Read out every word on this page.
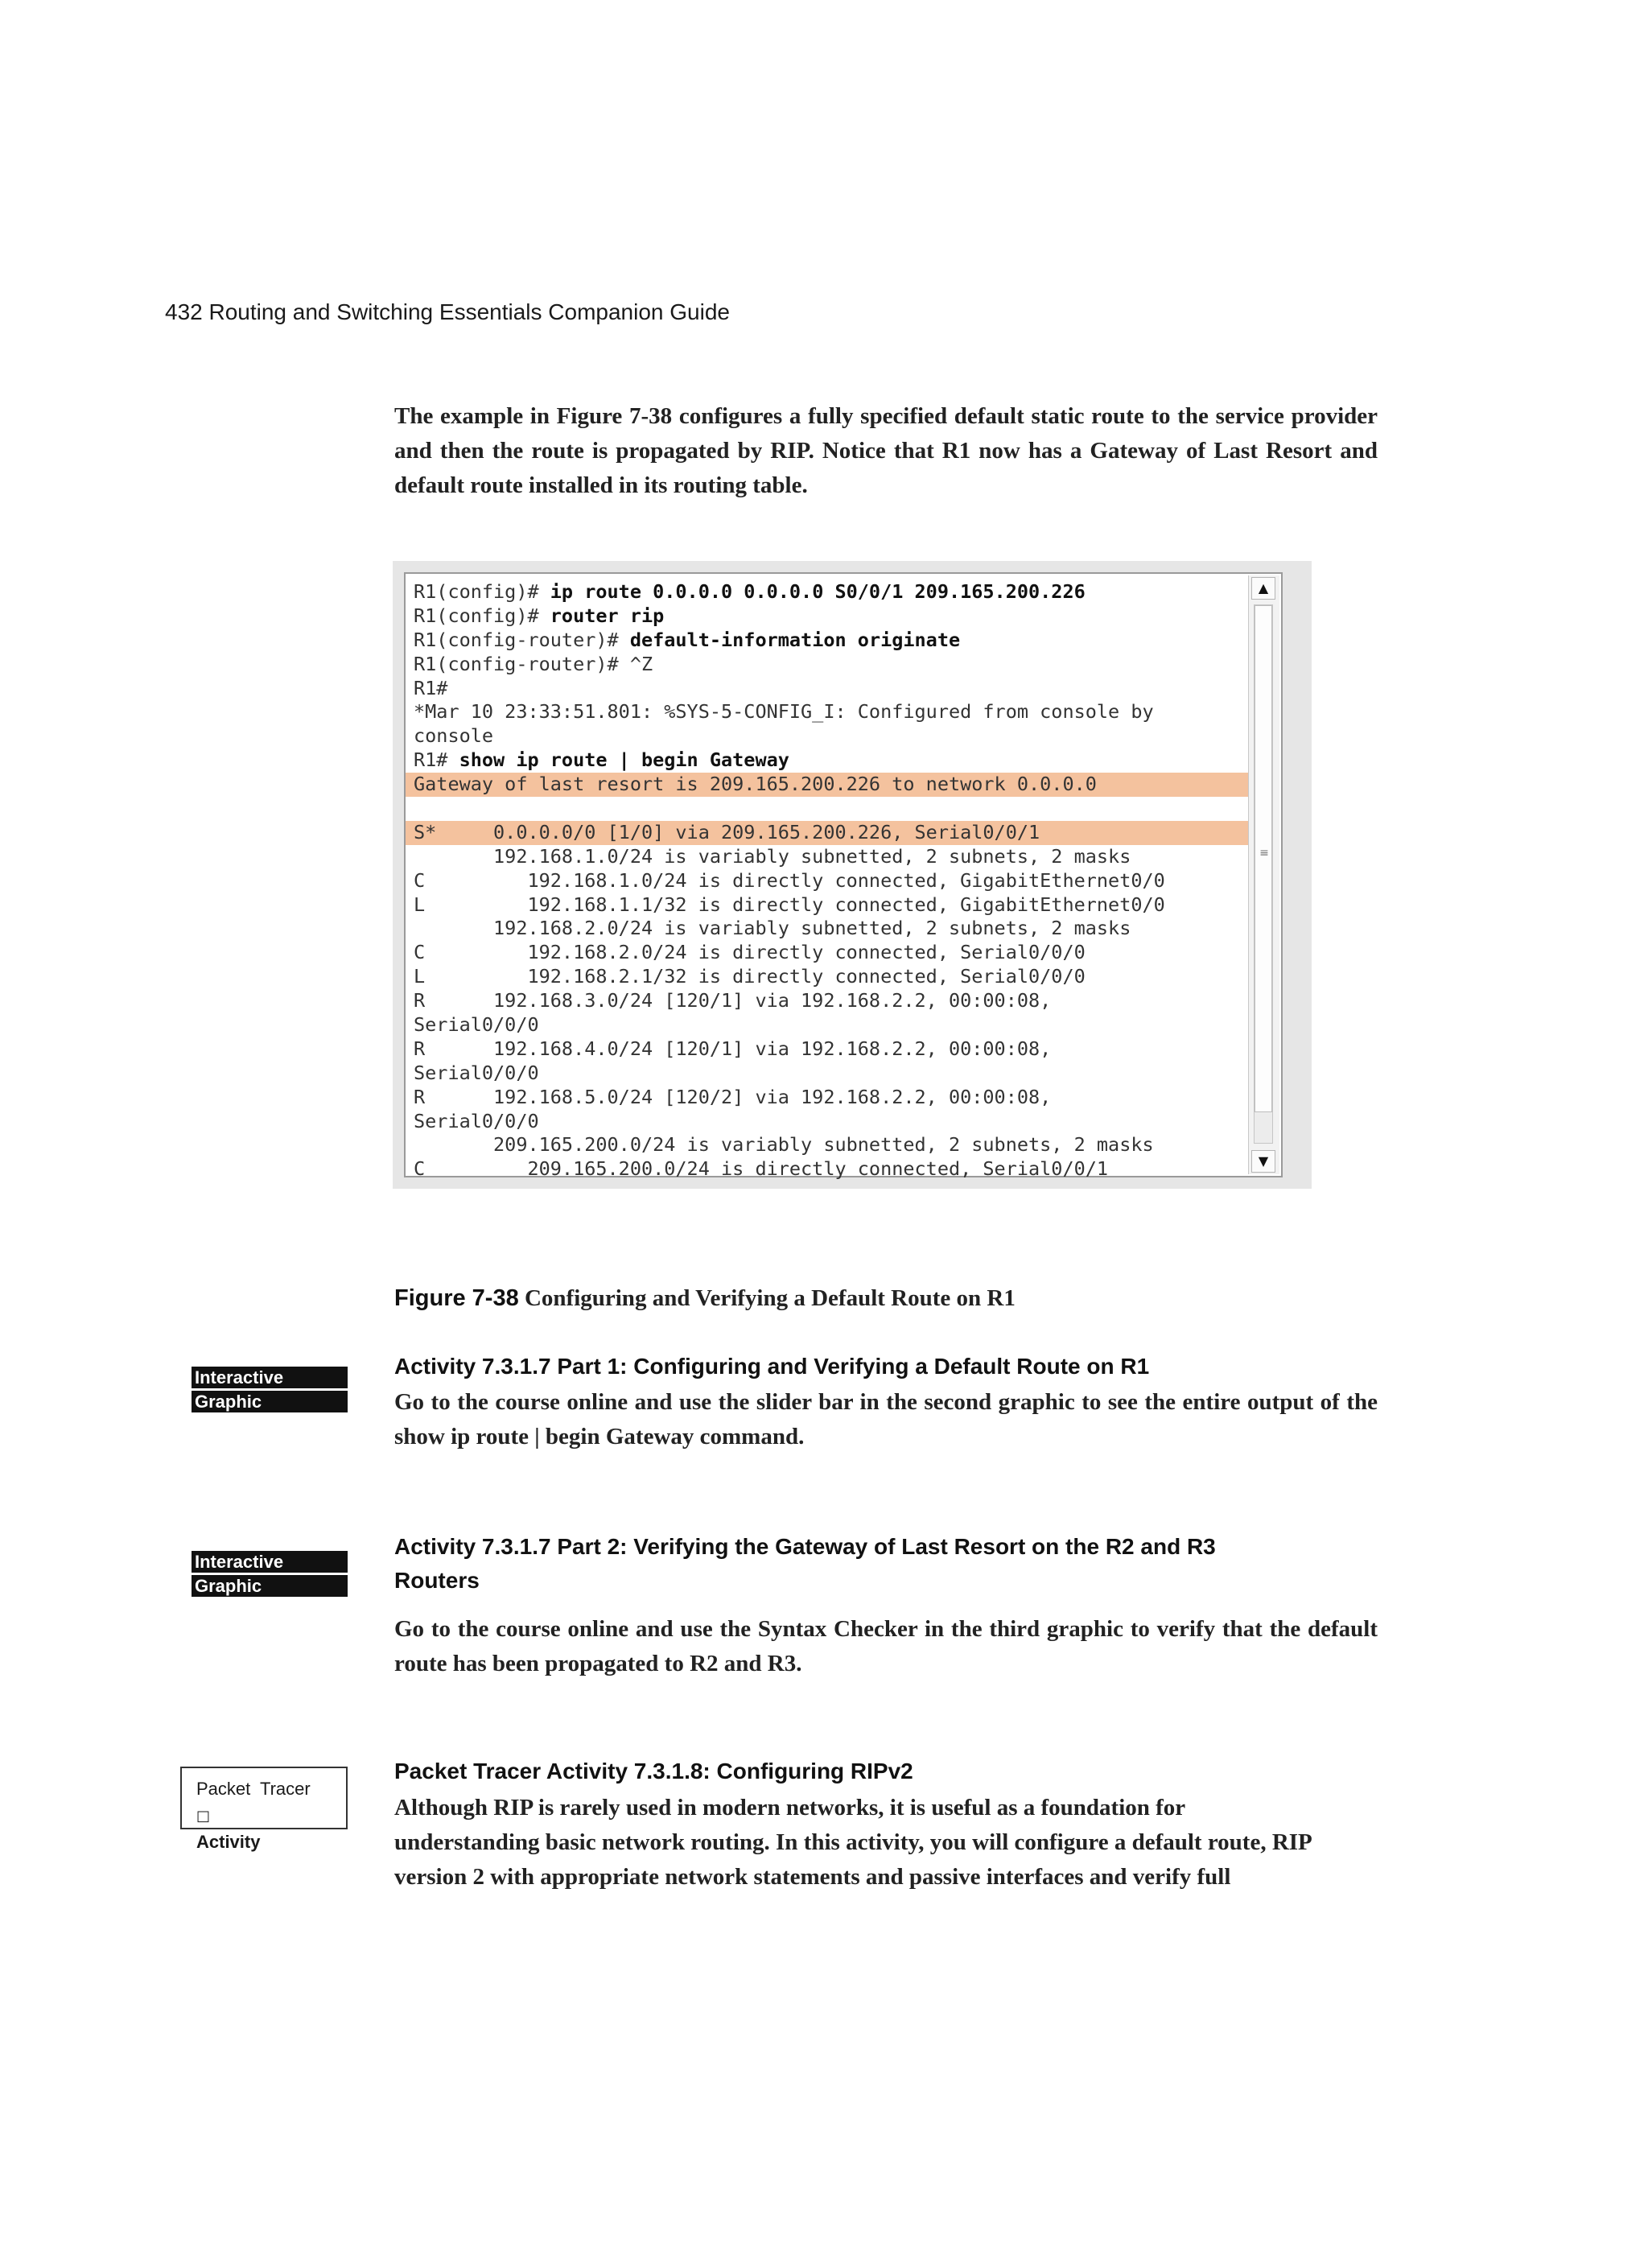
432 Routing and Switching Essentials Companion Guide

The example in Figure 7-38 configures a fully specified default static route to the service provider and then the route is propagated by RIP. Notice that R1 now has a Gateway of Last Resort and default route installed in its routing table.

R1(config)# ip route 0.0.0.0 0.0.0.0 S0/0/1 209.165.200.226
R1(config)# router rip
R1(config-router)# default-information originate
R1(config-router)# ^Z
R1#
*Mar 10 23:33:51.801: %SYS-5-CONFIG_I: Configured from console by
console
R1# show ip route | begin Gateway
Gateway of last resort is 209.165.200.226 to network 0.0.0.0
S*     0.0.0.0/0 [1/0] via 209.165.200.226, Serial0/0/1
192.168.1.0/24 is variably subnetted, 2 subnets, 2 masks
C         192.168.1.0/24 is directly connected, GigabitEthernet0/0
L         192.168.1.1/32 is directly connected, GigabitEthernet0/0
192.168.2.0/24 is variably subnetted, 2 subnets, 2 masks
C         192.168.2.0/24 is directly connected, Serial0/0/0
L         192.168.2.1/32 is directly connected, Serial0/0/0
R      192.168.3.0/24 [120/1] via 192.168.2.2, 00:00:08,
Serial0/0/0
R      192.168.4.0/24 [120/1] via 192.168.2.2, 00:00:08,
Serial0/0/0
R      192.168.5.0/24 [120/2] via 192.168.2.2, 00:00:08,
Serial0/0/0
209.165.200.0/24 is variably subnetted, 2 subnets, 2 masks
C         209.165.200.0/24 is directly connected, Serial0/0/1
▲
≡
▼
Figure 7-38 Configuring and Verifying a Default Route on R1
Interactive
Graphic
Activity 7.3.1.7 Part 1: Configuring and Verifying a Default Route on R1

Go to the course online and use the slider bar in the second graphic to see the entire output of the show ip route | begin Gateway command.

Interactive
Graphic
Activity 7.3.1.7 Part 2: Verifying the Gateway of Last Resort on the R2 and R3
Routers

Go to the course online and use the Syntax Checker in the third graphic to verify that the default route has been propagated to R2 and R3.

Packet Tracer □
Activity
Packet Tracer Activity 7.3.1.8: Configuring RIPv2

Although RIP is rarely used in modern networks, it is useful as a foundation for

understanding basic network routing. In this activity, you will configure a default route, RIP

version 2 with appropriate network statements and passive interfaces and verify full
